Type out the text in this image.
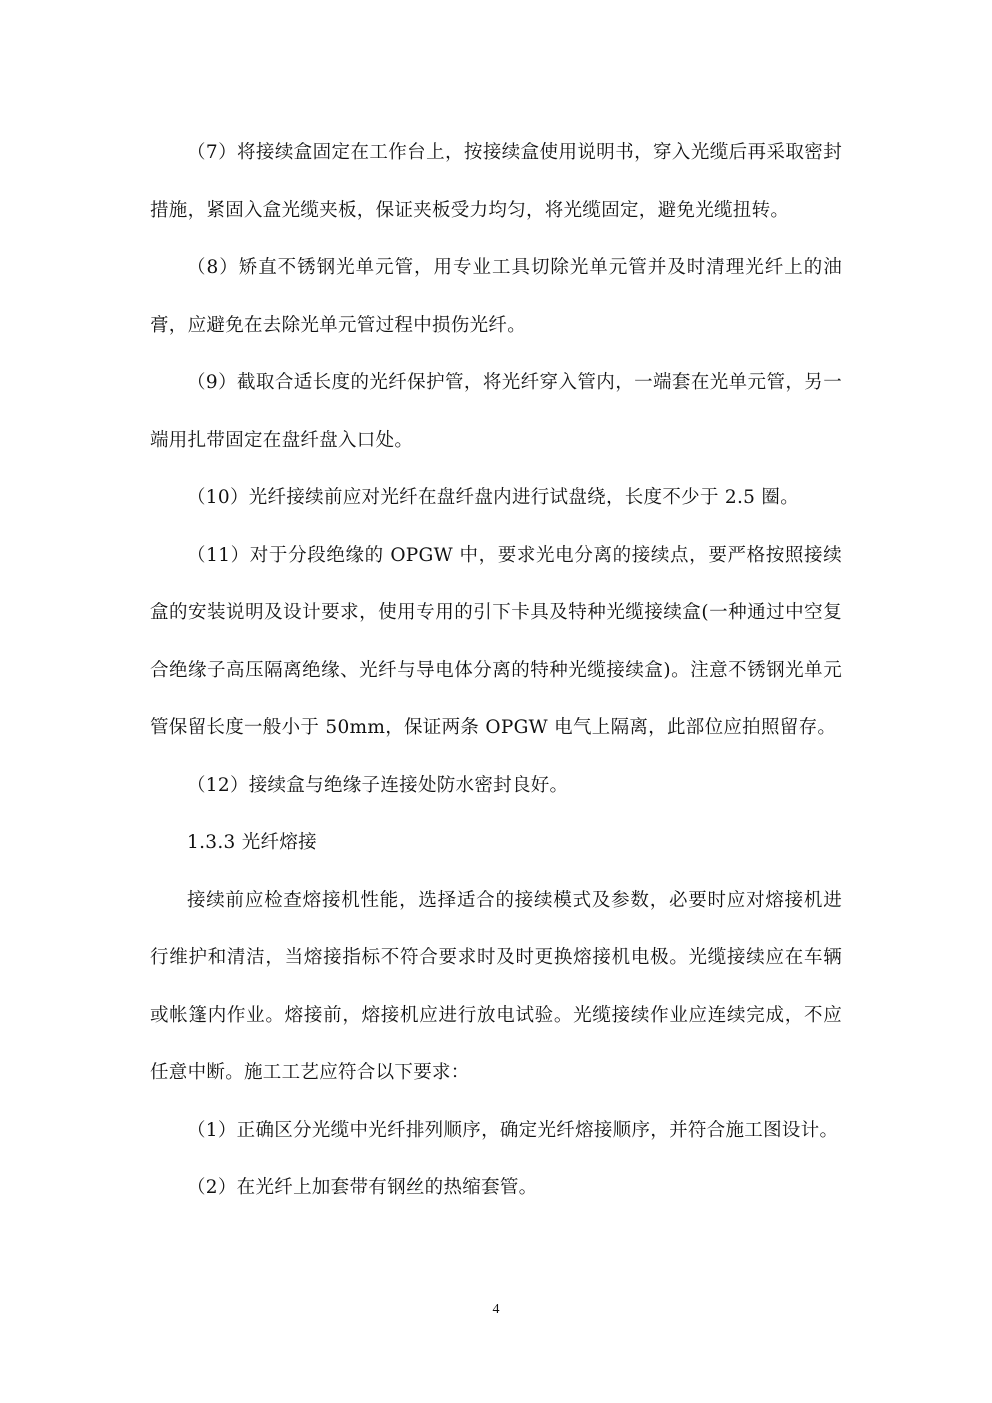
（7）将接续盒固定在工作台上，按接续盒使用说明书，穿入光缆后再采取密封措施，紧固入盒光缆夹板，保证夹板受力均匀，将光缆固定，避免光缆扭转。

（8）矫直不锈钢光单元管，用专业工具切除光单元管并及时清理光纤上的油膏，应避免在去除光单元管过程中损伤光纤。

（9）截取合适长度的光纤保护管，将光纤穿入管内，一端套在光单元管，另一端用扎带固定在盘纤盘入口处。

（10）光纤接续前应对光纤在盘纤盘内进行试盘绕，长度不少于 2.5 圈。

（11）对于分段绝缘的 OPGW 中，要求光电分离的接续点，要严格按照接续盒的安装说明及设计要求，使用专用的引下卡具及特种光缆接续盒(一种通过中空复合绝缘子高压隔离绝缘、光纤与导电体分离的特种光缆接续盒)。注意不锈钢光单元管保留长度一般小于 50mm，保证两条 OPGW 电气上隔离，此部位应拍照留存。

（12）接续盒与绝缘子连接处防水密封良好。

1.3.3 光纤熔接

接续前应检查熔接机性能，选择适合的接续模式及参数，必要时应对熔接机进行维护和清洁，当熔接指标不符合要求时及时更换熔接机电极。光缆接续应在车辆或帐篷内作业。熔接前，熔接机应进行放电试验。光缆接续作业应连续完成，不应任意中断。施工工艺应符合以下要求：

（1）正确区分光缆中光纤排列顺序，确定光纤熔接顺序，并符合施工图设计。

（2）在光纤上加套带有钢丝的热缩套管。

4
